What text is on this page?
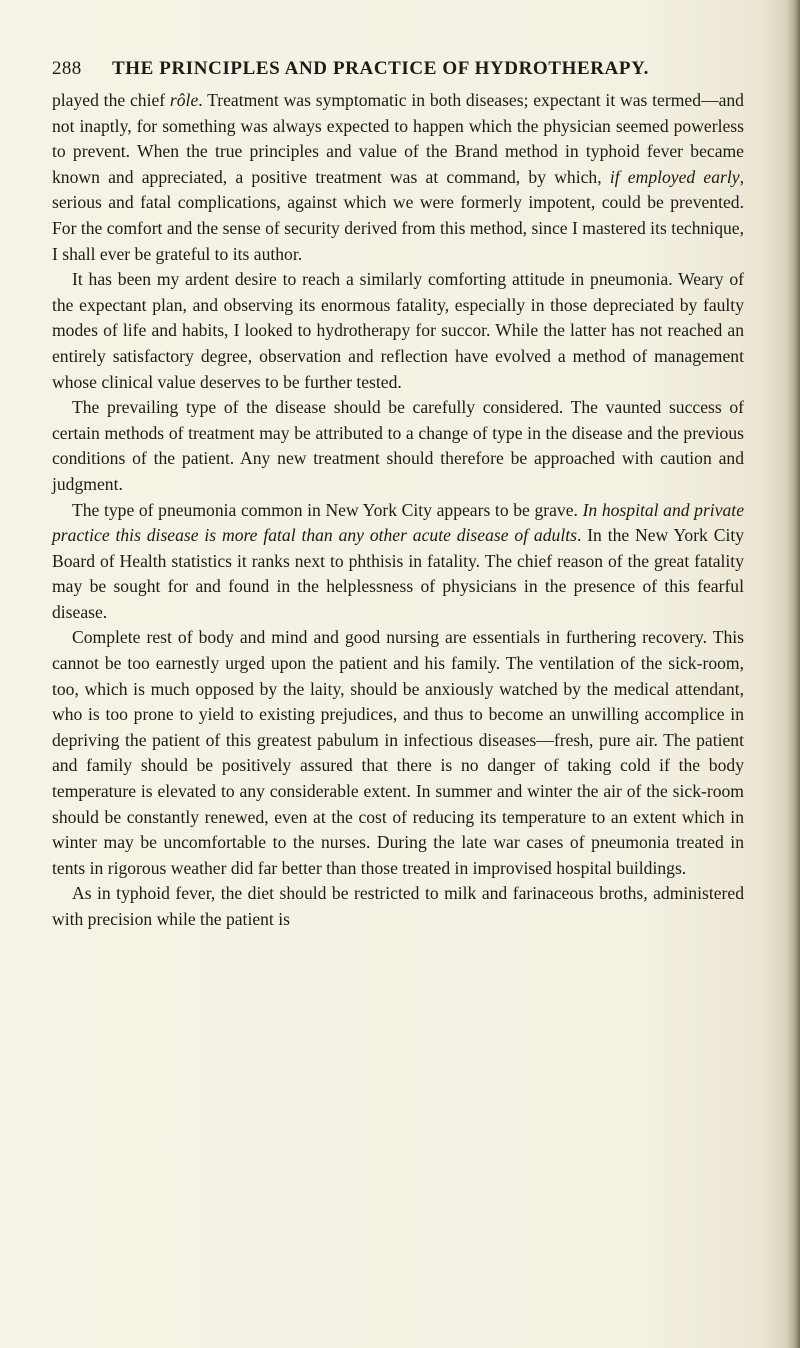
288 THE PRINCIPLES AND PRACTICE OF HYDROTHERAPY.

played the chief rôle. Treatment was symptomatic in both diseases; expectant it was termed—and not inaptly, for something was always expected to happen which the physician seemed powerless to prevent. When the true principles and value of the Brand method in typhoid fever became known and appreciated, a positive treatment was at command, by which, if employed early, serious and fatal complications, against which we were formerly impotent, could be prevented. For the comfort and the sense of security derived from this method, since I mastered its technique, I shall ever be grateful to its author.

It has been my ardent desire to reach a similarly comforting attitude in pneumonia. Weary of the expectant plan, and observing its enormous fatality, especially in those depreciated by faulty modes of life and habits, I looked to hydrotherapy for succor. While the latter has not reached an entirely satisfactory degree, observation and reflection have evolved a method of management whose clinical value deserves to be further tested.

The prevailing type of the disease should be carefully considered. The vaunted success of certain methods of treatment may be attributed to a change of type in the disease and the previous conditions of the patient. Any new treatment should therefore be approached with caution and judgment.

The type of pneumonia common in New York City appears to be grave. In hospital and private practice this disease is more fatal than any other acute disease of adults. In the New York City Board of Health statistics it ranks next to phthisis in fatality. The chief reason of the great fatality may be sought for and found in the helplessness of physicians in the presence of this fearful disease.

Complete rest of body and mind and good nursing are essentials in furthering recovery. This cannot be too earnestly urged upon the patient and his family. The ventilation of the sick-room, too, which is much opposed by the laity, should be anxiously watched by the medical attendant, who is too prone to yield to existing prejudices, and thus to become an unwilling accomplice in depriving the patient of this greatest pabulum in infectious diseases—fresh, pure air. The patient and family should be positively assured that there is no danger of taking cold if the body temperature is elevated to any considerable extent. In summer and winter the air of the sick-room should be constantly renewed, even at the cost of reducing its temperature to an extent which in winter may be uncomfortable to the nurses. During the late war cases of pneumonia treated in tents in rigorous weather did far better than those treated in improvised hospital buildings.

As in typhoid fever, the diet should be restricted to milk and farinaceous broths, administered with precision while the patient is
